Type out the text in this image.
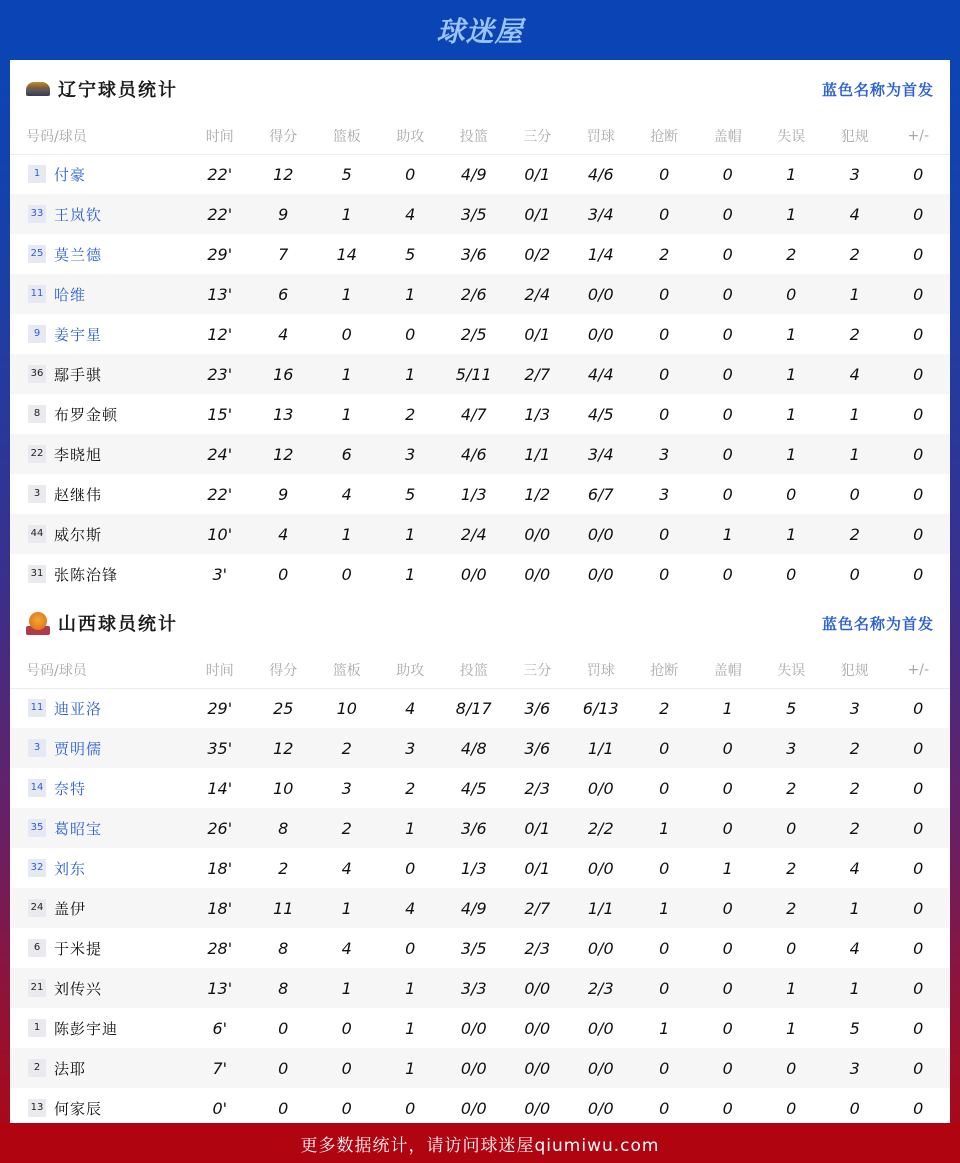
球迷屋
辽宁球员统计	蓝色名称为首发
号码/球员	时间	得分	篮板	助攻	投篮	三分	罚球	抢断	盖帽	失误	犯规	+/-
1 付豪	22'	12	5	0	4/9	0/1	4/6	0	0	1	3	0
33 王岚钦	22'	9	1	4	3/5	0/1	3/4	0	0	1	4	0
25 莫兰德	29'	7	14	5	3/6	0/2	1/4	2	0	2	2	0
11 哈维	13'	6	1	1	2/6	2/4	0/0	0	0	0	1	0
9 姜宇星	12'	4	0	0	2/5	0/1	0/0	0	0	1	2	0
36 鄢手骐	23'	16	1	1	5/11	2/7	4/4	0	0	1	4	0
8 布罗金顿	15'	13	1	2	4/7	1/3	4/5	0	0	1	1	0
22 李晓旭	24'	12	6	3	4/6	1/1	3/4	3	0	1	1	0
3 赵继伟	22'	9	4	5	1/3	1/2	6/7	3	0	0	0	0
44 威尔斯	10'	4	1	1	2/4	0/0	0/0	0	1	1	2	0
31 张陈治锋	3'	0	0	1	0/0	0/0	0/0	0	0	0	0	0
山西球员统计	蓝色名称为首发
号码/球员	时间	得分	篮板	助攻	投篮	三分	罚球	抢断	盖帽	失误	犯规	+/-
11 迪亚洛	29'	25	10	4	8/17	3/6	6/13	2	1	5	3	0
3 贾明儒	35'	12	2	3	4/8	3/6	1/1	0	0	3	2	0
14 奈特	14'	10	3	2	4/5	2/3	0/0	0	0	2	2	0
35 葛昭宝	26'	8	2	1	3/6	0/1	2/2	1	0	0	2	0
32 刘东	18'	2	4	0	1/3	0/1	0/0	0	1	2	4	0
24 盖伊	18'	11	1	4	4/9	2/7	1/1	1	0	2	1	0
6 于米提	28'	8	4	0	3/5	2/3	0/0	0	0	0	4	0
21 刘传兴	13'	8	1	1	3/3	0/0	2/3	0	0	1	1	0
1 陈彭宇迪	6'	0	0	1	0/0	0/0	0/0	1	0	1	5	0
2 法耶	7'	0	0	1	0/0	0/0	0/0	0	0	0	3	0
13 何家辰	0'	0	0	0	0/0	0/0	0/0	0	0	0	0	0
更多数据统计，请访问球迷屋qiumiwu.com
